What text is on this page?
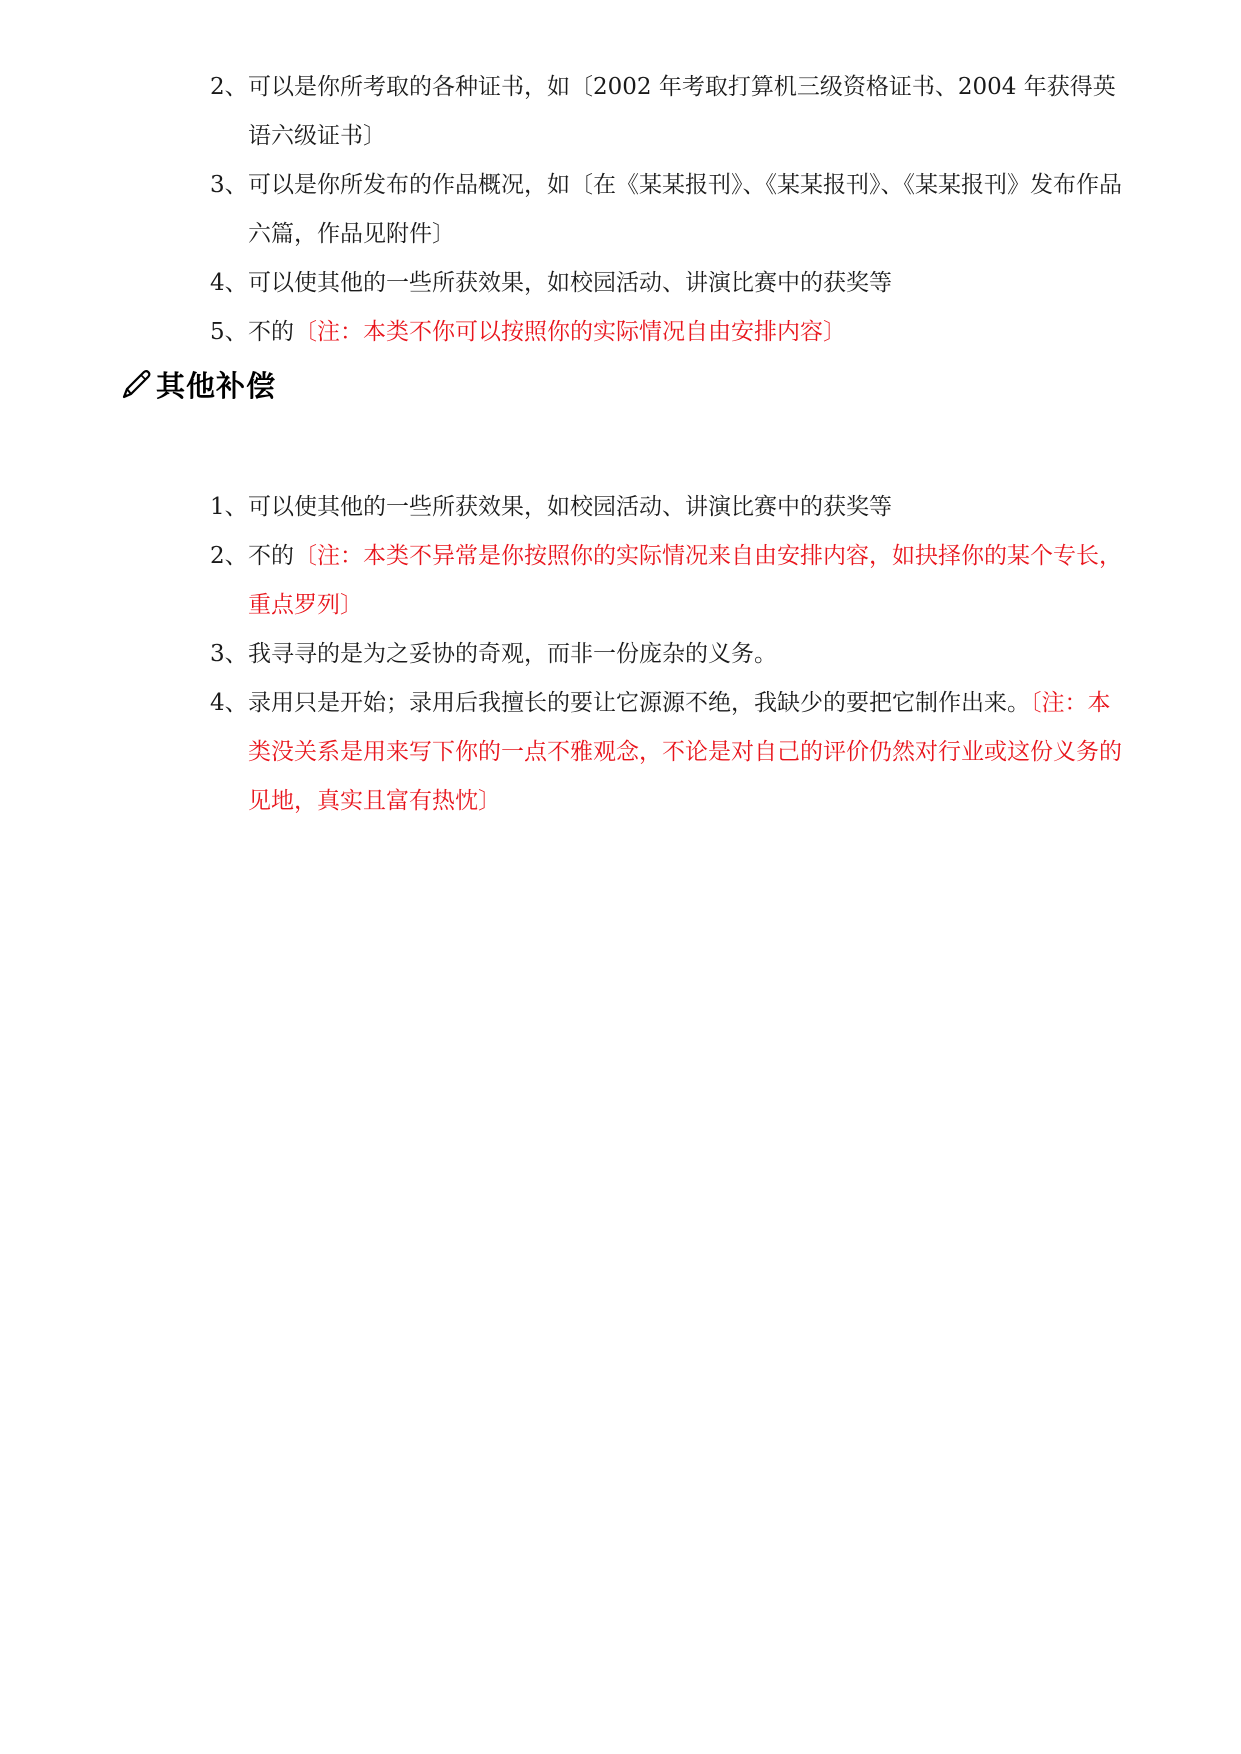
2、 可以是你所考取的各种证书，如〔2002 年考取打算机三级资格证书、2004 年获得英语六级证书〕
3、 可以是你所发布的作品概况，如〔在《某某报刊》、《某某报刊》、《某某报刊》发布作品六篇，作品见附件〕
4、 可以使其他的一些所获效果，如校园活动、讲演比赛中的获奖等
5、 不的〔注：本类不你可以按照你的实际情况自由安排内容〕
其他补偿
1、 可以使其他的一些所获效果，如校园活动、讲演比赛中的获奖等
2、 不的〔注：本类不异常是你按照你的实际情况来自由安排内容，如抉择你的某个专长，重点罗列〕
3、 我寻寻的是为之妥协的奇观，而非一份庞杂的义务。
4、 录用只是开始；录用后我擅长的要让它源源不绝，我缺少的要把它制作出来。〔注：本类没关系是用来写下你的一点不雅观念，不论是对自己的评价仍然对行业或这份义务的见地，真实且富有热忱〕
